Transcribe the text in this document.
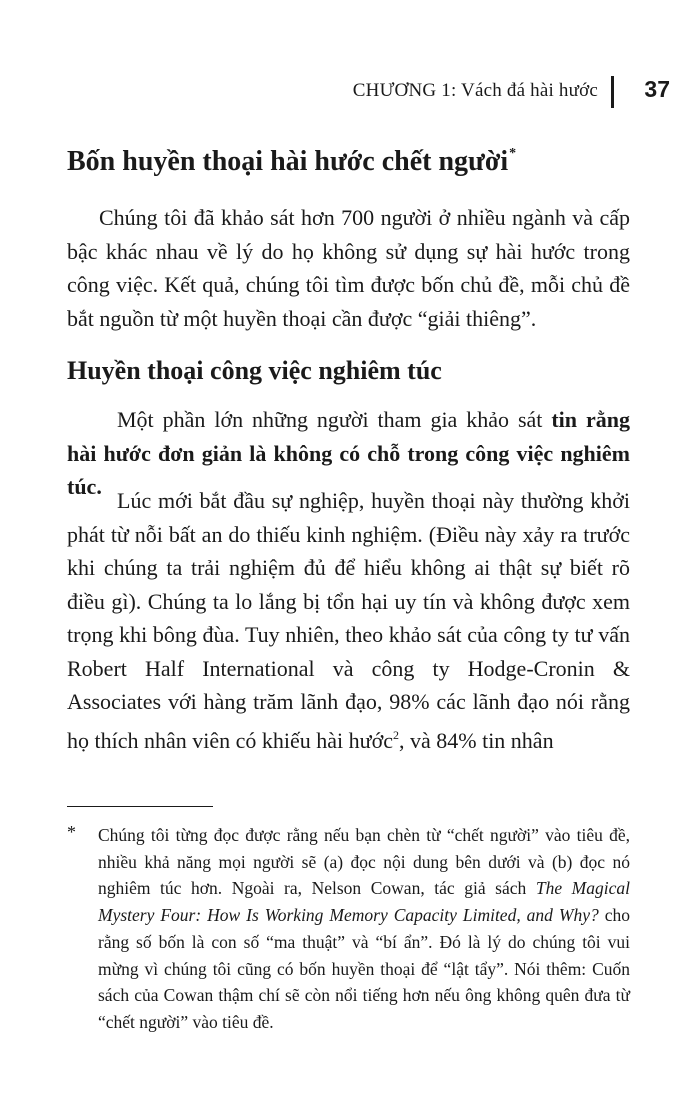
CHƯƠNG 1: Vách đá hài hước 37
Bốn huyền thoại hài hước chết người*

Chúng tôi đã khảo sát hơn 700 người ở nhiều ngành và cấp bậc khác nhau về lý do họ không sử dụng sự hài hước trong công việc. Kết quả, chúng tôi tìm được bốn chủ đề, mỗi chủ đề bắt nguồn từ một huyền thoại cần được “giải thiêng”.

Huyền thoại công việc nghiêm túc

Một phần lớn những người tham gia khảo sát tin rằng hài hước đơn giản là không có chỗ trong công việc nghiêm túc.

Lúc mới bắt đầu sự nghiệp, huyền thoại này thường khởi phát từ nỗi bất an do thiếu kinh nghiệm. (Điều này xảy ra trước khi chúng ta trải nghiệm đủ để hiểu không ai thật sự biết rõ điều gì). Chúng ta lo lắng bị tổn hại uy tín và không được xem trọng khi bông đùa. Tuy nhiên, theo khảo sát của công ty tư vấn Robert Half International và công ty Hodge-Cronin & Associates với hàng trăm lãnh đạo, 98% các lãnh đạo nói rằng họ thích nhân viên có khiếu hài hước$^2$, và 84% tin nhân

* Chúng tôi từng đọc được rằng nếu bạn chèn từ “chết người” vào tiêu đề, nhiều khả năng mọi người sẽ (a) đọc nội dung bên dưới và (b) đọc nó nghiêm túc hơn. Ngoài ra, Nelson Cowan, tác giả sách The Magical Mystery Four: How Is Working Memory Capacity Limited, and Why? cho rằng số bốn là con số “ma thuật” và “bí ẩn”. Đó là lý do chúng tôi vui mừng vì chúng tôi cũng có bốn huyền thoại để “lật tẩy”. Nói thêm: Cuốn sách của Cowan thậm chí sẽ còn nổi tiếng hơn nếu ông không quên đưa từ “chết người” vào tiêu đề.
